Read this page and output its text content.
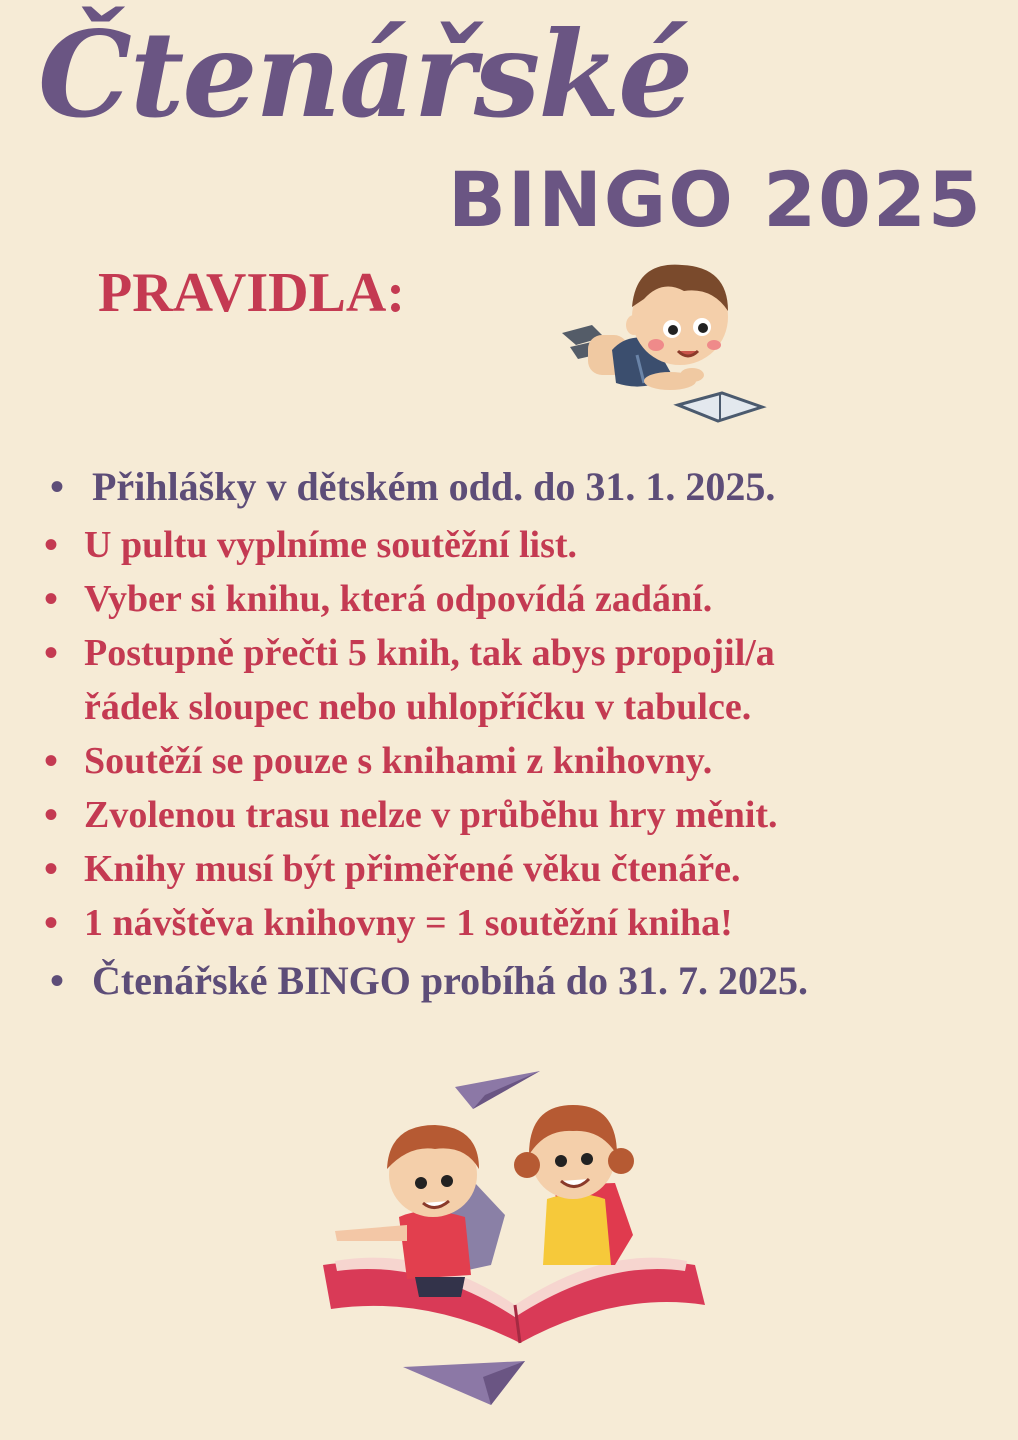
Čtenářské
BINGO 2025
PRAVIDLA:
• Přihlášky v dětském odd. do 31. 1. 2025.
• U pultu vyplníme soutěžní list.
• Vyber si knihu, která odpovídá zadání.
• Postupně přečti 5 knih, tak abys propojil/a
řádek sloupec nebo uhlopříčku v tabulce.
• Soutěží se pouze s knihami z knihovny.
• Zvolenou trasu nelze v průběhu hry měnit.
• Knihy musí být přiměřené věku čtenáře.
• 1 návštěva knihovny = 1 soutěžní kniha!
• Čtenářské BINGO probíhá do 31. 7. 2025.
